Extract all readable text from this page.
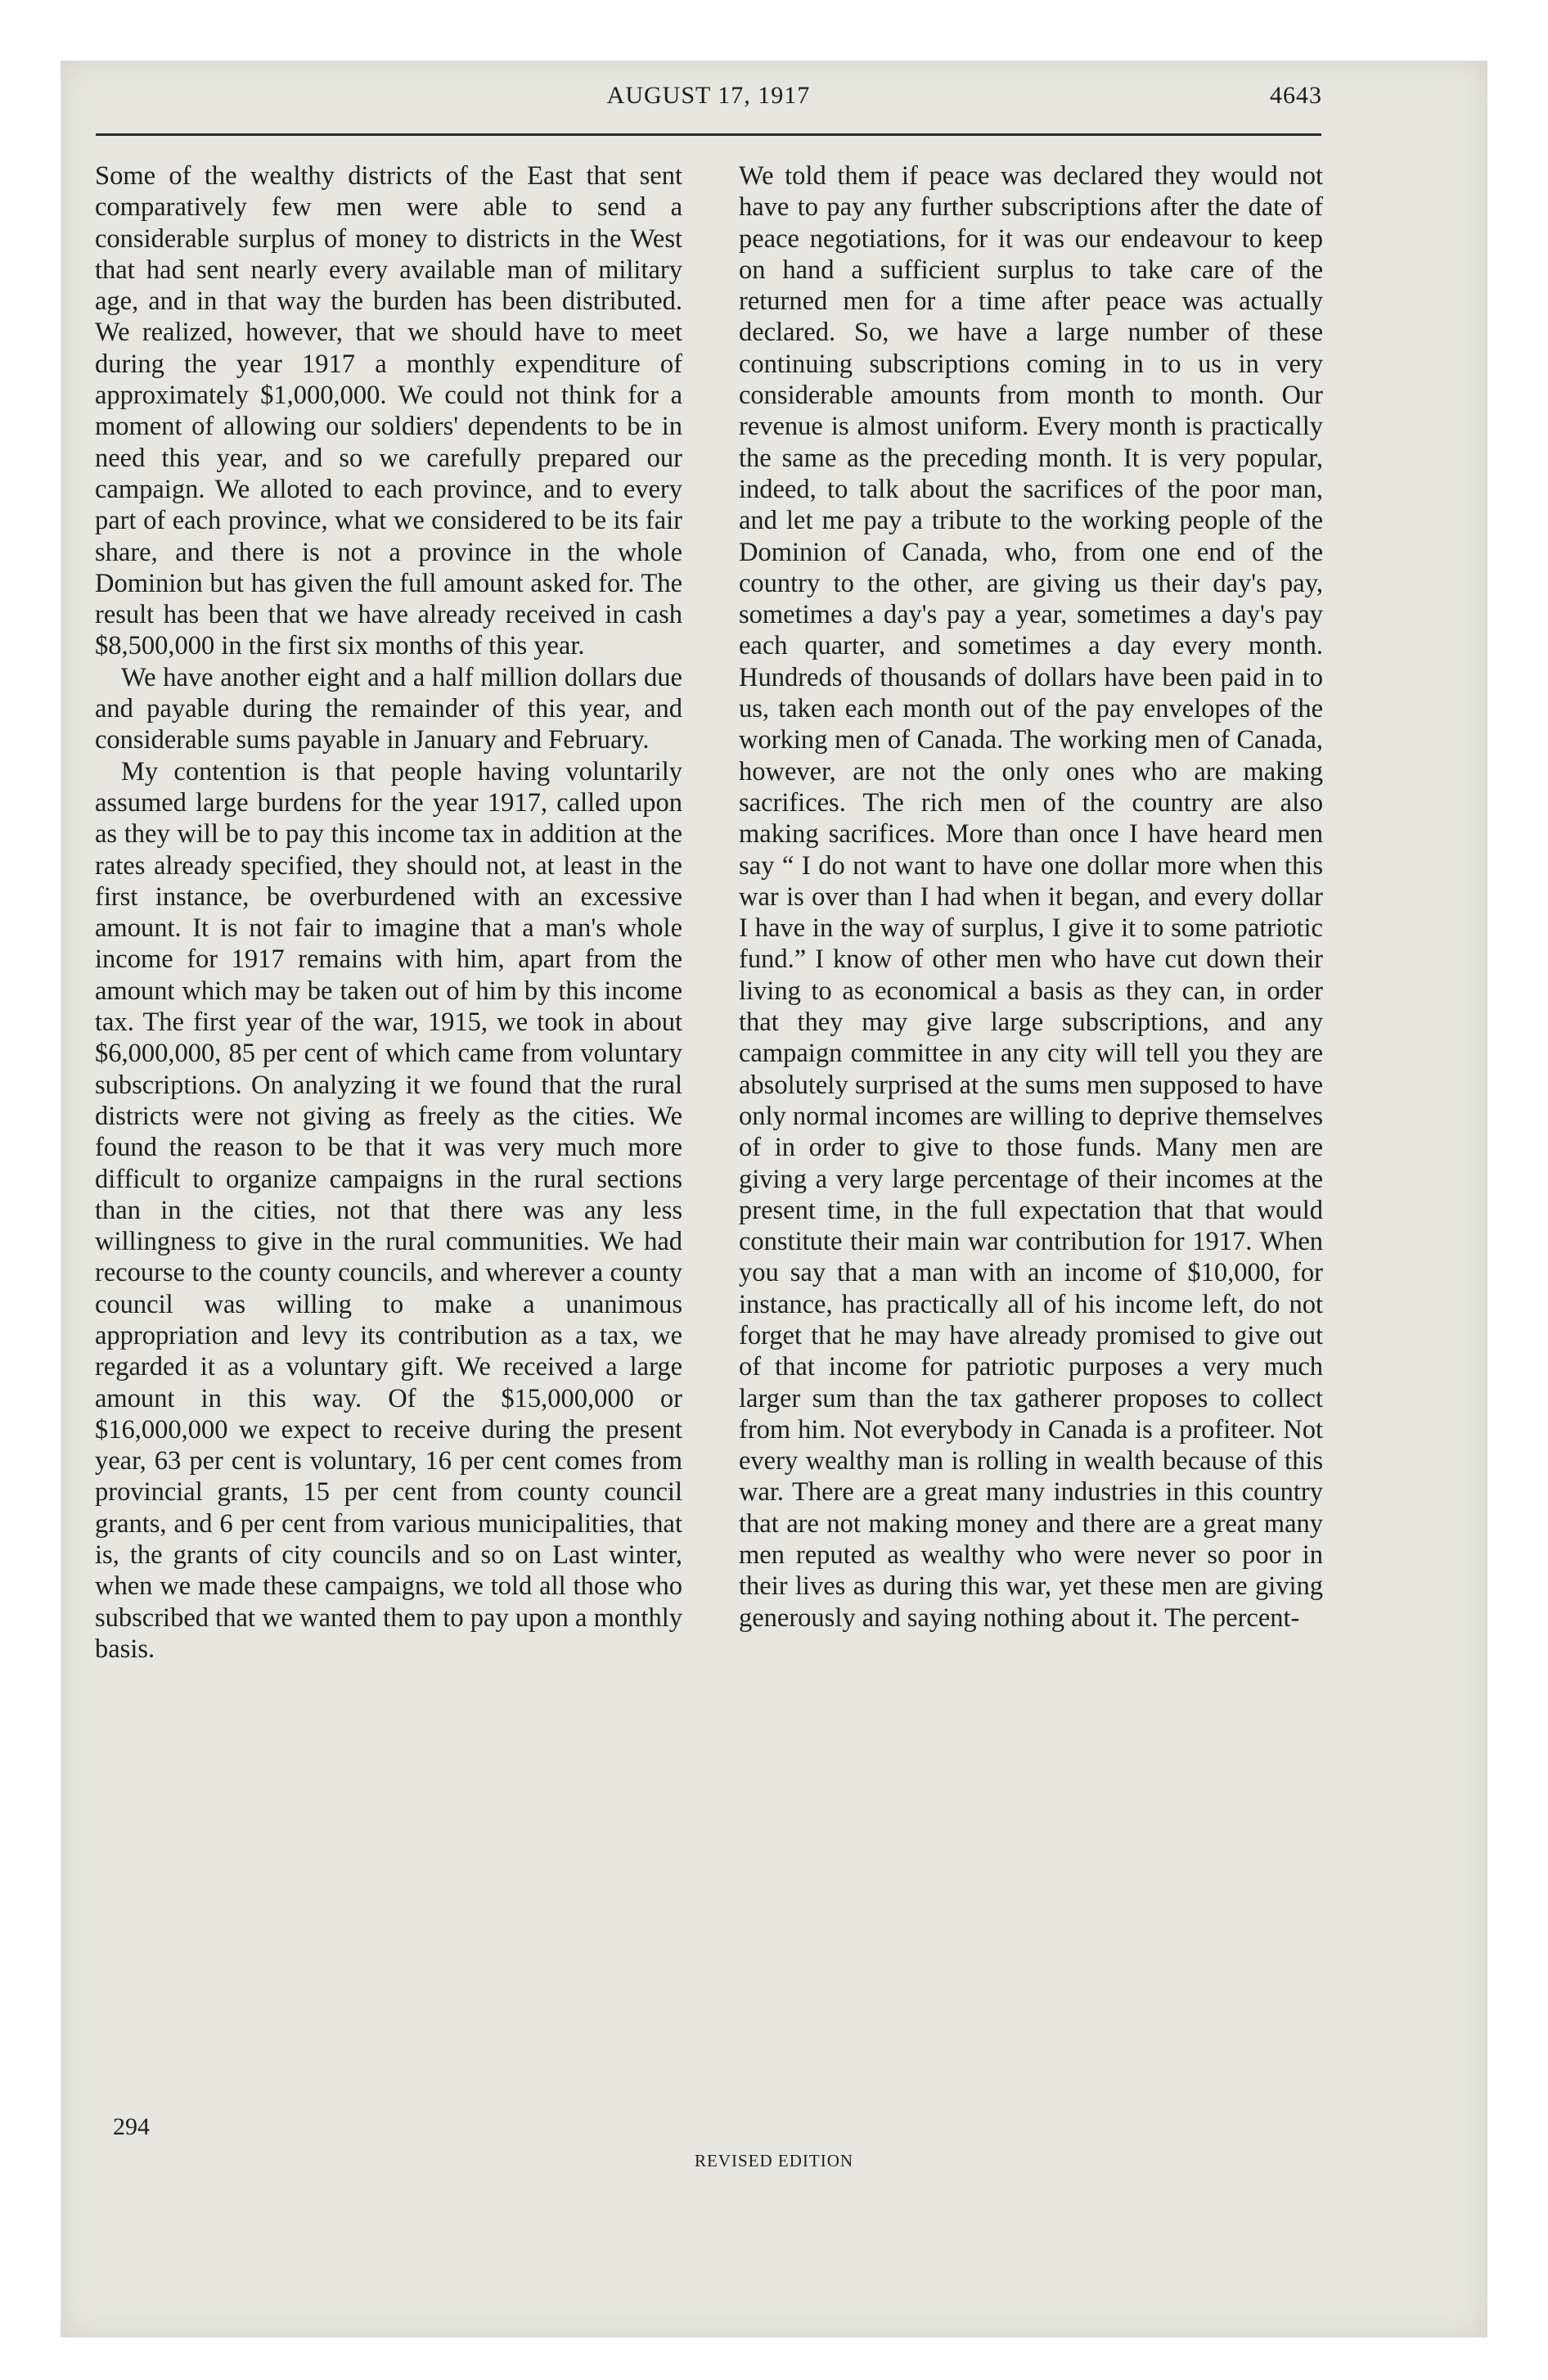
AUGUST 17, 1917	4643

Some of the wealthy districts of the East that sent comparatively few men were able to send a considerable surplus of money to districts in the West that had sent nearly every available man of military age, and in that way the burden has been distributed. We realized, however, that we should have to meet during the year 1917 a monthly expenditure of approximately $1,000,000. We could not think for a moment of allowing our soldiers' dependents to be in need this year, and so we carefully prepared our campaign. We alloted to each province, and to every part of each province, what we considered to be its fair share, and there is not a province in the whole Dominion but has given the full amount asked for. The result has been that we have already received in cash $8,500,000 in the first six months of this year.

We have another eight and a half million dollars due and payable during the remainder of this year, and considerable sums payable in January and February.

My contention is that people having voluntarily assumed large burdens for the year 1917, called upon as they will be to pay this income tax in addition at the rates already specified, they should not, at least in the first instance, be overburdened with an excessive amount. It is not fair to imagine that a man's whole income for 1917 remains with him, apart from the amount which may be taken out of him by this income tax. The first year of the war, 1915, we took in about $6,000,000, 85 per cent of which came from voluntary subscriptions. On analyzing it we found that the rural districts were not giving as freely as the cities. We found the reason to be that it was very much more difficult to organize campaigns in the rural sections than in the cities, not that there was any less willingness to give in the rural communities. We had recourse to the county councils, and wherever a county council was willing to make a unanimous appropriation and levy its contribution as a tax, we regarded it as a voluntary gift. We received a large amount in this way. Of the $15,000,000 or $16,000,000 we expect to receive during the present year, 63 per cent is voluntary, 16 per cent comes from provincial grants, 15 per cent from county council grants, and 6 per cent from various municipalities, that is, the grants of city councils and so on Last winter, when we made these campaigns, we told all those who subscribed that we wanted them to pay upon a monthly basis.

We told them if peace was declared they would not have to pay any further subscriptions after the date of peace negotiations, for it was our endeavour to keep on hand a sufficient surplus to take care of the returned men for a time after peace was actually declared. So, we have a large number of these continuing subscriptions coming in to us in very considerable amounts from month to month. Our revenue is almost uniform. Every month is practically the same as the preceding month. It is very popular, indeed, to talk about the sacrifices of the poor man, and let me pay a tribute to the working people of the Dominion of Canada, who, from one end of the country to the other, are giving us their day's pay, sometimes a day's pay a year, sometimes a day's pay each quarter, and sometimes a day every month. Hundreds of thousands of dollars have been paid in to us, taken each month out of the pay envelopes of the working men of Canada. The working men of Canada, however, are not the only ones who are making sacrifices. The rich men of the country are also making sacrifices. More than once I have heard men say “ I do not want to have one dollar more when this war is over than I had when it began, and every dollar I have in the way of surplus, I give it to some patriotic fund.” I know of other men who have cut down their living to as economical a basis as they can, in order that they may give large subscriptions, and any campaign committee in any city will tell you they are absolutely surprised at the sums men supposed to have only normal incomes are willing to deprive themselves of in order to give to those funds. Many men are giving a very large percentage of their incomes at the present time, in the full expectation that that would constitute their main war contribution for 1917. When you say that a man with an income of $10,000, for instance, has practically all of his income left, do not forget that he may have already promised to give out of that income for patriotic purposes a very much larger sum than the tax gatherer proposes to collect from him. Not everybody in Canada is a profiteer. Not every wealthy man is rolling in wealth because of this war. There are a great many industries in this country that are not making money and there are a great many men reputed as wealthy who were never so poor in their lives as during this war, yet these men are giving generously and saying nothing about it. The percent-

294
REVISED EDITION
